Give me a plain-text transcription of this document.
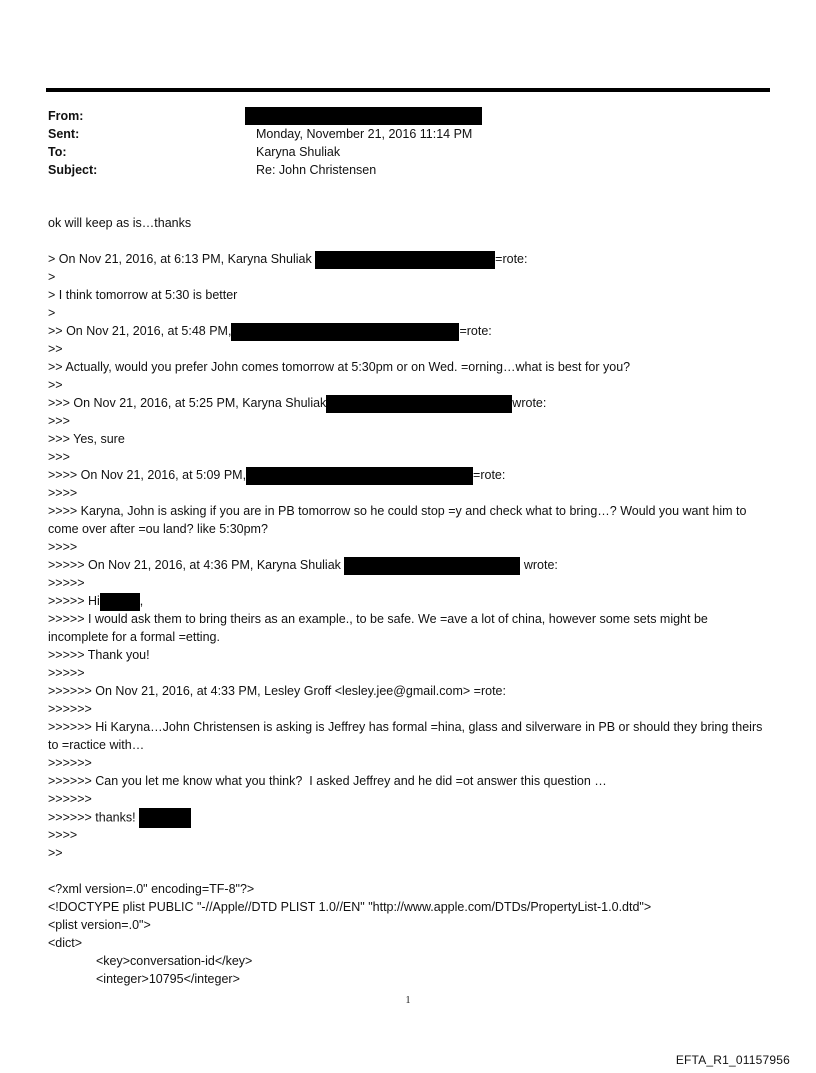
From:
Sent:	Monday, November 21, 2016 11:14 PM
To:	Karyna Shuliak
Subject:	Re: John Christensen
ok will keep as is…thanks
> On Nov 21, 2016, at 6:13 PM, Karyna Shuliak	=rote:
>
> I think tomorrow at 5:30 is better
>
>> On Nov 21, 2016, at 5:48 PM,	=rote:
>>
>> Actually, would you prefer John comes tomorrow at 5:30pm or on Wed. =orning…what is best for you?
>>
>>> On Nov 21, 2016, at 5:25 PM, Karyna Shuliak	wrote:
>>>
>>> Yes, sure
>>>
>>>> On Nov 21, 2016, at 5:09 PM,	=rote:
>>>>
>>>> Karyna, John is asking if you are in PB tomorrow so he could stop =y and check what to bring…? Would you want him to come over after =ou land? like 5:30pm?
>>>>
>>>>> On Nov 21, 2016, at 4:36 PM, Karyna Shuliak	wrote:
>>>>>
>>>>> Hi	,
>>>>> I would ask them to bring theirs as an example., to be safe. We =ave a lot of china, however some sets might be incomplete for a formal =etting.
>>>>> Thank you!
>>>>>
>>>>>> On Nov 21, 2016, at 4:33 PM, Lesley Groff <lesley.jee@gmail.com> =rote:
>>>>>>
>>>>>> Hi Karyna…John Christensen is asking is Jeffrey has formal =hina, glass and silverware in PB or should they bring theirs to =ractice with…
>>>>>>
>>>>>> Can you let me know what you think?  I asked Jeffrey and he did =ot answer this question …
>>>>>>
>>>>>> thanks!
>>>>
>>
<?xml version=.0" encoding=TF-8"?>
<!DOCTYPE plist PUBLIC "-//Apple//DTD PLIST 1.0//EN" "http://www.apple.com/DTDs/PropertyList-1.0.dtd">
<plist version=.0">
<dict>
<key>conversation-id</key>
<integer>10795</integer>
1
EFTA_R1_01157956
